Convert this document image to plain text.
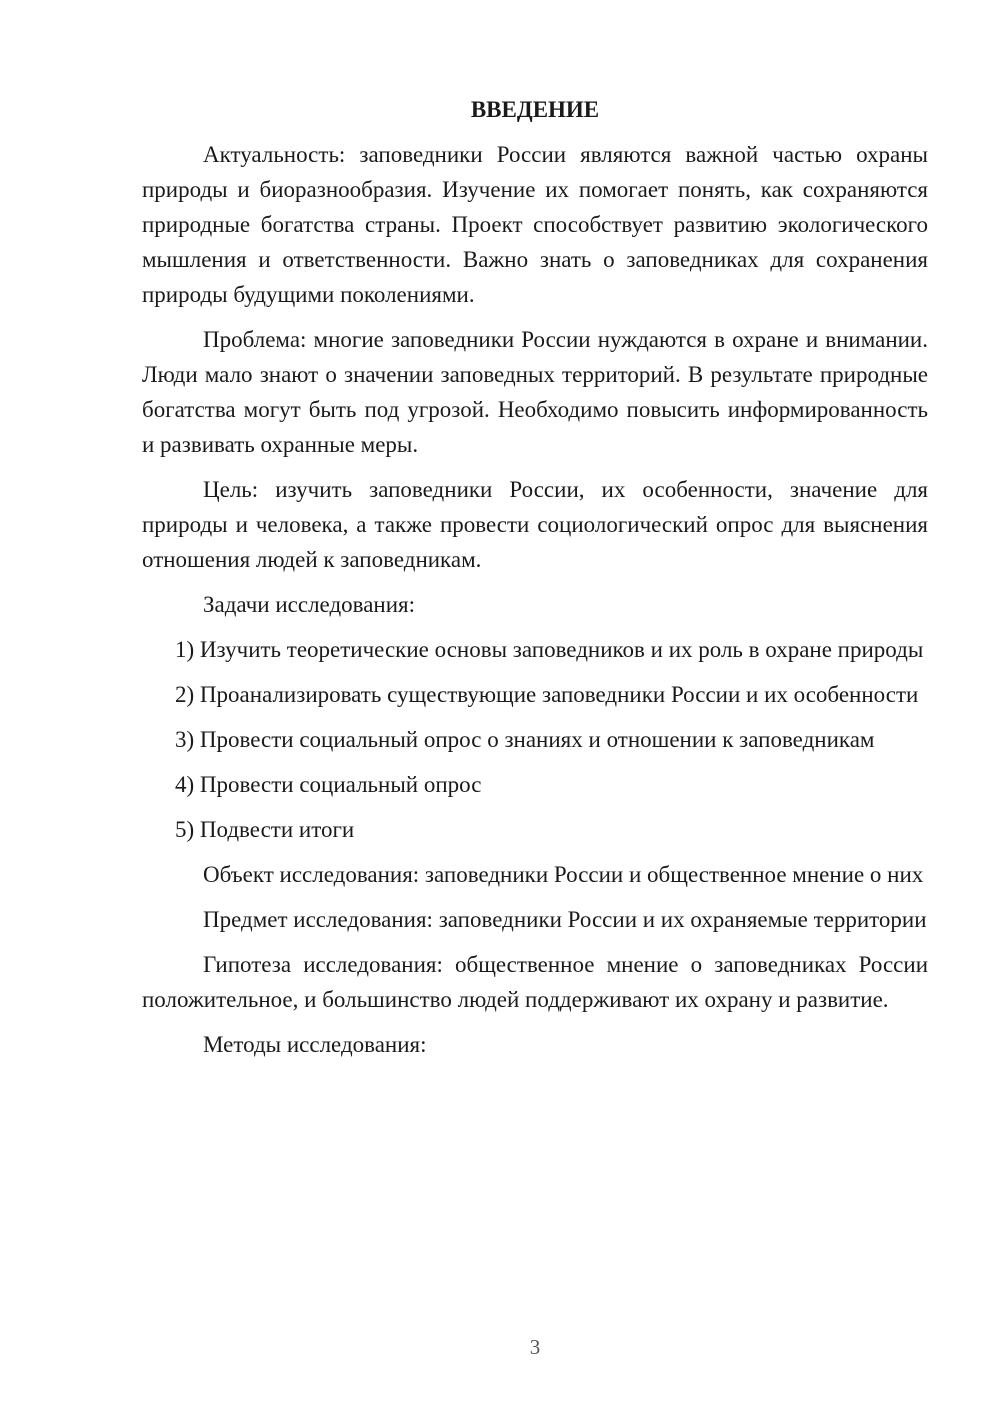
ВВЕДЕНИЕ

Актуальность: заповедники России являются важной частью охраны природы и биоразнообразия. Изучение их помогает понять, как сохраняются природные богатства страны. Проект способствует развитию экологического мышления и ответственности. Важно знать о заповедниках для сохранения природы будущими поколениями.

Проблема: многие заповедники России нуждаются в охране и внимании. Люди мало знают о значении заповедных территорий. В результате природные богатства могут быть под угрозой. Необходимо повысить информированность и развивать охранные меры.

Цель: изучить заповедники России, их особенности, значение для природы и человека, а также провести социологический опрос для выяснения отношения людей к заповедникам.

Задачи исследования:

1) Изучить теоретические основы заповедников и их роль в охране природы

2) Проанализировать существующие заповедники России и их особенности

3) Провести социальный опрос о знаниях и отношении к заповедникам

4) Провести социальный опрос

5) Подвести итоги

Объект исследования: заповедники России и общественное мнение о них

Предмет исследования: заповедники России и их охраняемые территории

Гипотеза исследования: общественное мнение о заповедниках России положительное, и большинство людей поддерживают их охрану и развитие.

Методы исследования:

3
